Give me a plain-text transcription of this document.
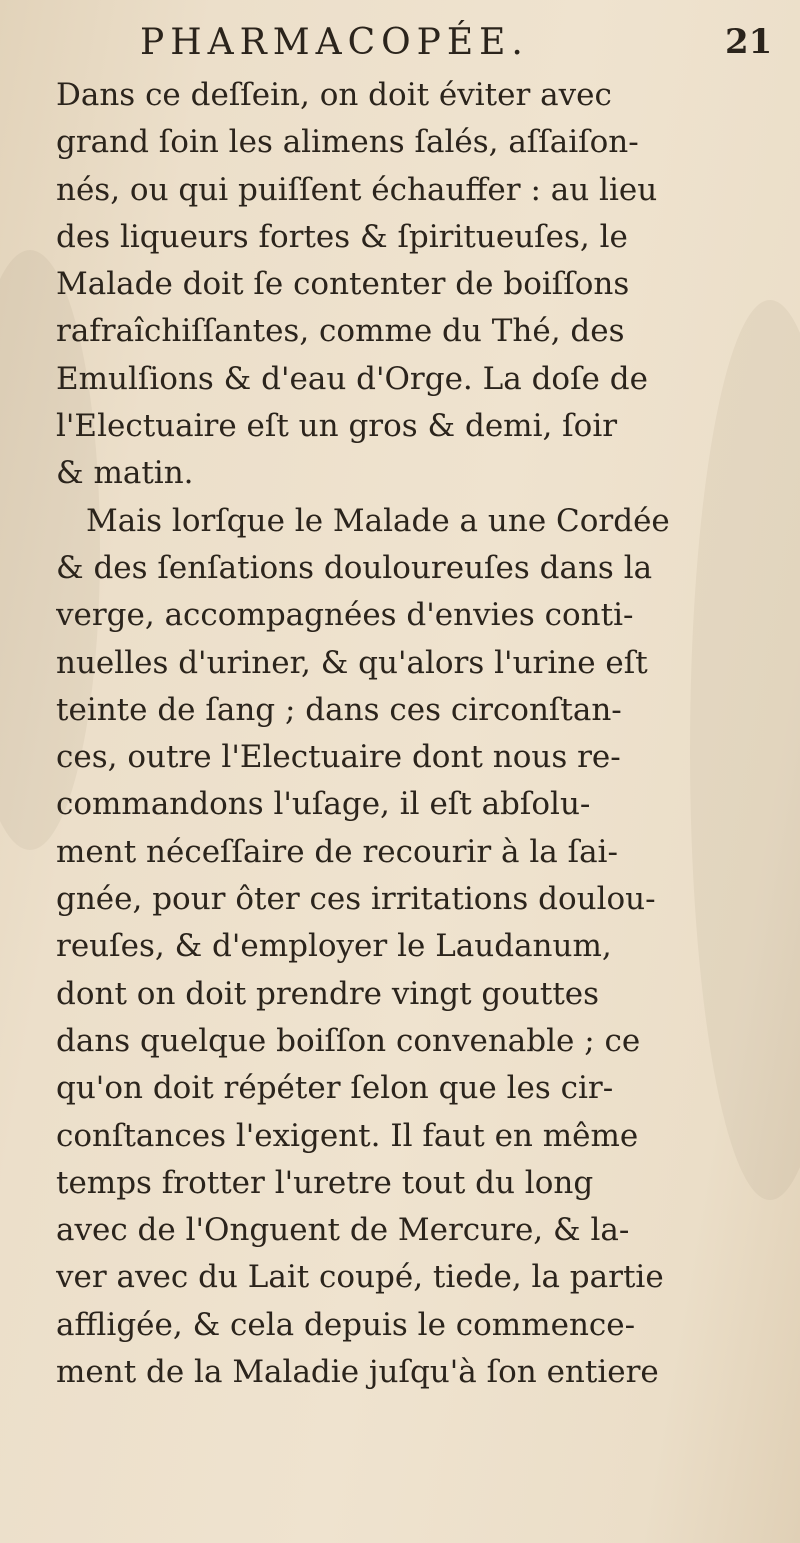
PHARMACOPÉE.	21
Dans ce deſſein, on doit éviter avec
grand ſoin les alimens ſalés, aſſaiſon-
nés, ou qui puiſſent échauffer : au lieu
des liqueurs fortes & ſpiritueuſes, le
Malade doit ſe contenter de boiſſons
rafraîchiſſantes, comme du Thé, des
Emulſions & d'eau d'Orge. La doſe de
l'Electuaire eſt un gros & demi, ſoir
& matin.
Mais lorſque le Malade a une Cordée
& des ſenſations douloureuſes dans la
verge, accompagnées d'envies conti-
nuelles d'uriner, & qu'alors l'urine eſt
teinte de ſang ; dans ces circonſtan-
ces, outre l'Electuaire dont nous re-
commandons l'uſage, il eſt abſolu-
ment néceſſaire de recourir à la ſai-
gnée, pour ôter ces irritations doulou-
reuſes, & d'employer le Laudanum,
dont on doit prendre vingt gouttes
dans quelque boiſſon convenable ; ce
qu'on doit répéter ſelon que les cir-
conſtances l'exigent. Il faut en même
temps frotter l'uretre tout du long
avec de l'Onguent de Mercure, & la-
ver avec du Lait coupé, tiede, la partie
affligée, & cela depuis le commence-
ment de la Maladie juſqu'à ſon entiere
